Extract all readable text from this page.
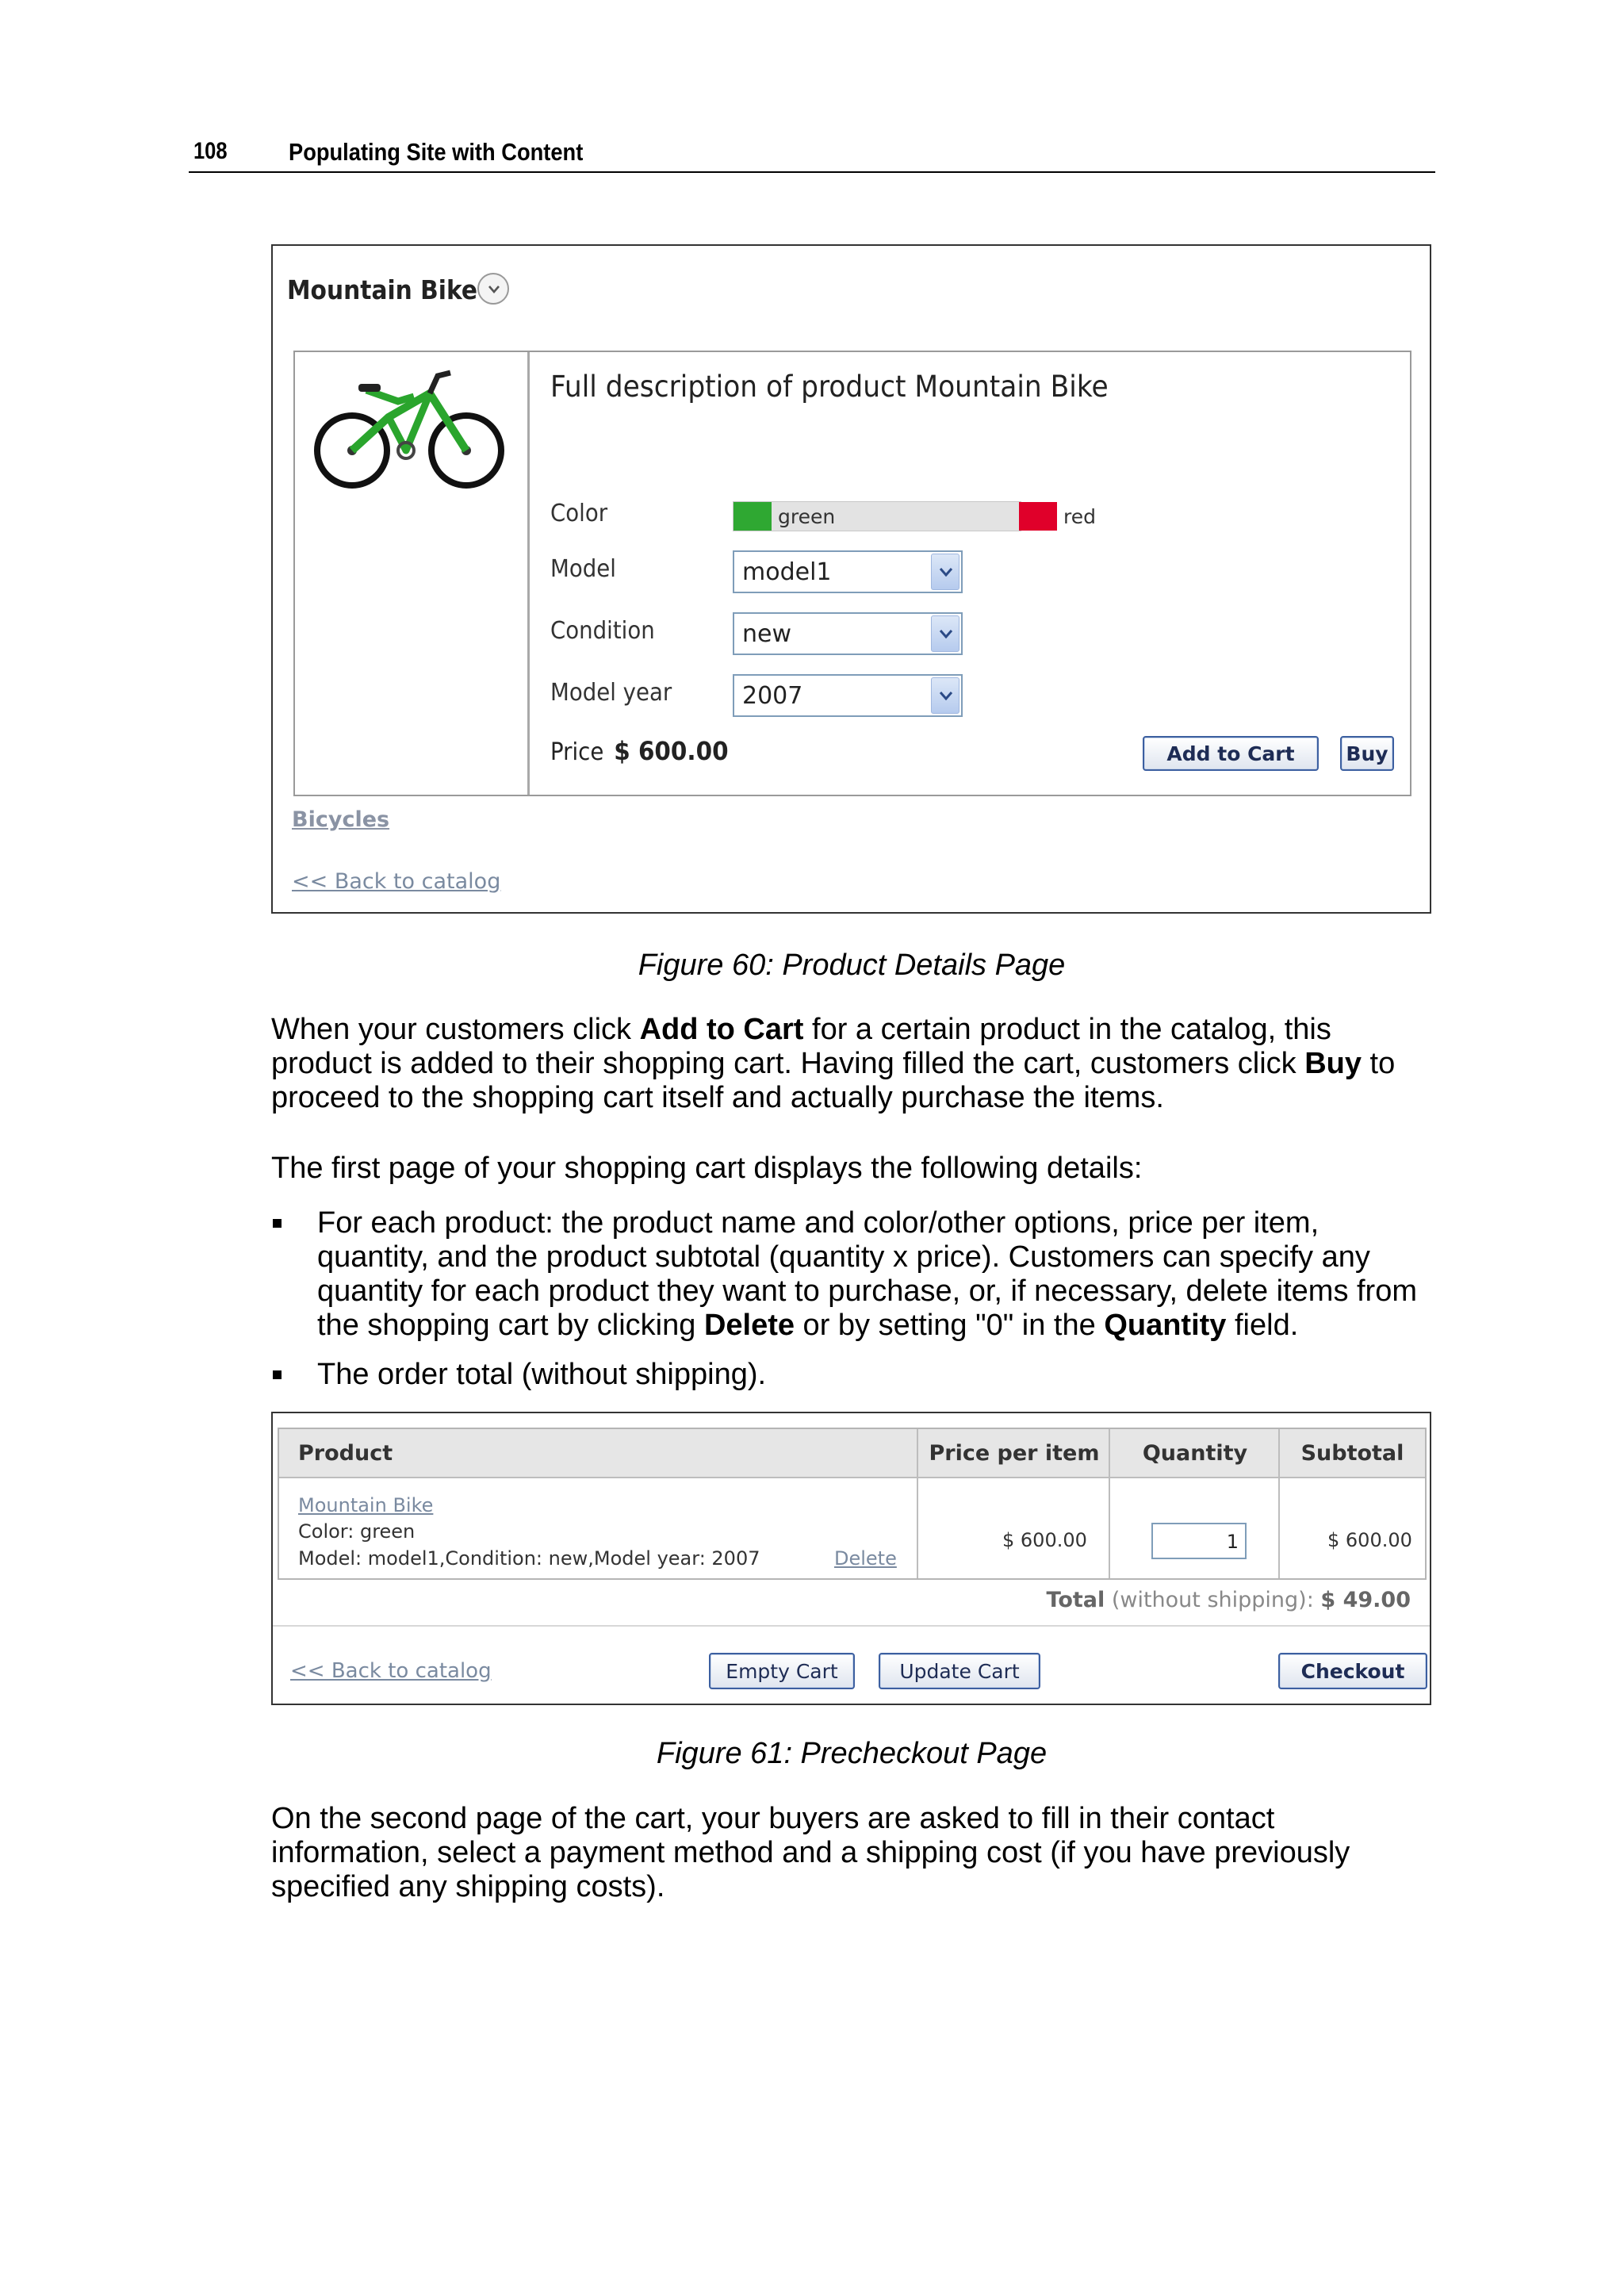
108 Populating Site with Content
Mountain Bike
Full description of product Mountain Bike
Color	green	red
Model	model1
Condition	new
Model year	2007
Price $ 600.00	Add to Cart	Buy
Bicycles
<< Back to catalog
Figure 60: Product Details Page
When your customers click Add to Cart for a certain product in the catalog, this product is added to their shopping cart. Having filled the cart, customers click Buy to proceed to the shopping cart itself and actually purchase the items.
The first page of your shopping cart displays the following details:
For each product: the product name and color/other options, price per item, quantity, and the product subtotal (quantity x price). Customers can specify any quantity for each product they want to purchase, or, if necessary, delete items from the shopping cart by clicking Delete or by setting "0" in the Quantity field.
The order total (without shipping).
Product	Price per item	Quantity	Subtotal
Mountain Bike
Color: green
Model: model1,Condition: new,Model year: 2007	Delete
$ 600.00	1	$ 600.00
Total (without shipping): $ 49.00
<< Back to catalog	Empty Cart	Update Cart	Checkout
Figure 61: Precheckout Page
On the second page of the cart, your buyers are asked to fill in their contact information, select a payment method and a shipping cost (if you have previously specified any shipping costs).
